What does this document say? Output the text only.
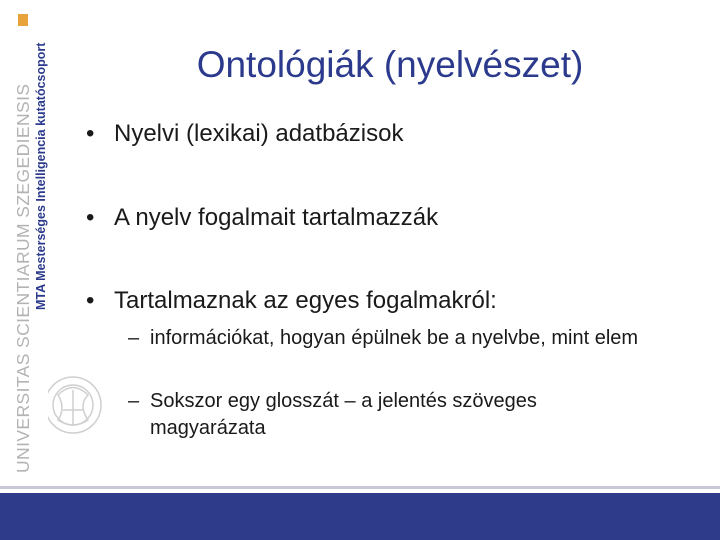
MTA Mesterséges Intelligencia kutatócsoport
UNIVERSITAS SCIENTIARUM SZEGEDIENSIS
Ontológiák (nyelvészet)
• Nyelvi (lexikai) adatbázisok
• A nyelv fogalmait tartalmazzák
• Tartalmaznak az egyes fogalmakról:
– információkat, hogyan épülnek be a nyelvbe, mint elem
– Sokszor egy glosszát – a jelentés szöveges magyarázata
